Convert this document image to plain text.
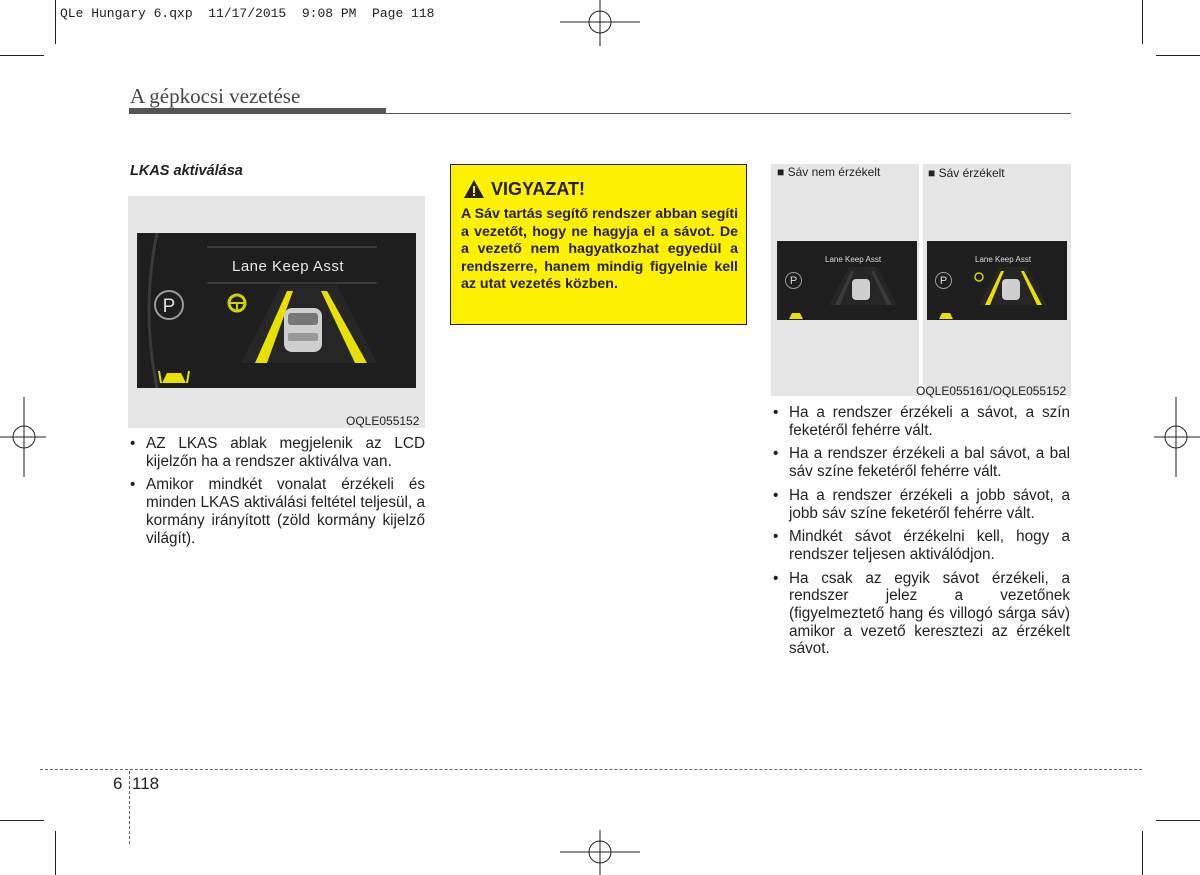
QLe Hungary 6.qxp  11/17/2015  9:08 PM  Page 118
A gépkocsi vezetése
LKAS aktiválása
P
Lane Keep Asst
OQLE055152
• AZ LKAS ablak megjelenik az LCD kijelzőn ha a rendszer aktiválva van.
• Amikor mindkét vonalat érzékeli és minden LKAS aktiválási feltétel teljesül, a kormány irányított (zöld kormány kijelző világít).
VIGYAZAT!
A Sáv tartás segítő rendszer abban segíti a vezetőt, hogy ne hagyja el a sávot. De a vezető nem hagyatkozhat egyedül a rendszerre, hanem mindig figyelnie kell az utat vezetés közben.
■ Sáv nem érzékelt	■ Sáv érzékelt
P
Lane Keep Asst
P
Lane Keep Asst
OQLE055161/OQLE055152
• Ha a rendszer érzékeli a sávot, a szín feketéről fehérre vált.
• Ha a rendszer érzékeli a bal sávot, a bal sáv színe feketéről fehérre vált.
• Ha a rendszer érzékeli a jobb sávot, a jobb sáv színe feketéről fehérre vált.
• Mindkét sávot érzékelni kell, hogy a rendszer teljesen aktiválódjon.
• Ha csak az egyik sávot érzékeli, a rendszer jelez a vezetőnek (figyelmeztető hang és villogó sárga sáv) amikor a vezető keresztezi az érzékelt sávot.
6 118
